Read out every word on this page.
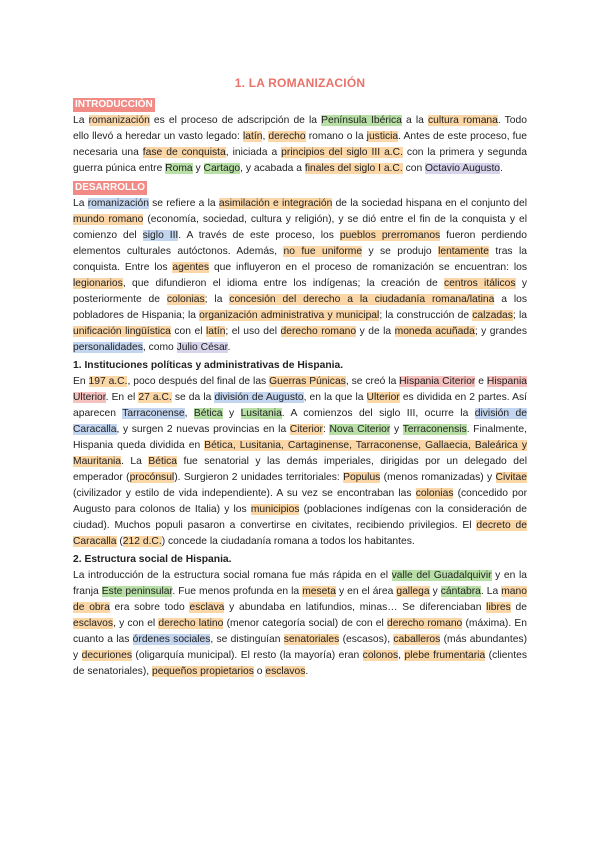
1. LA ROMANIZACIÓN
INTRODUCCIÓN

La romanización es el proceso de adscripción de la Península Ibérica a la cultura romana. Todo ello llevó a heredar un vasto legado: latín, derecho romano o la justicia. Antes de este proceso, fue necesaria una fase de conquista, iniciada a principios del siglo III a.C. con la primera y segunda guerra púnica entre Roma y Cartago, y acabada a finales del siglo I a.C. con Octavio Augusto.

DESARROLLO

La romanización se refiere a la asimilación e integración de la sociedad hispana en el conjunto del mundo romano (economía, sociedad, cultura y religión), y se dió entre el fin de la conquista y el comienzo del siglo III. A través de este proceso, los pueblos prerromanos fueron perdiendo elementos culturales autóctonos. Además, no fue uniforme y se produjo lentamente tras la conquista. Entre los agentes que influyeron en el proceso de romanización se encuentran: los legionarios, que difundieron el idioma entre los indígenas; la creación de centros itálicos y posteriormente de colonias; la concesión del derecho a la ciudadanía romana/latina a los pobladores de Hispania; la organización administrativa y municipal; la construcción de calzadas; la unificación lingüística con el latín; el uso del derecho romano y de la moneda acuñada; y grandes personalidades, como Julio César.

1. Instituciones políticas y administrativas de Hispania.

En 197 a.C., poco después del final de las Guerras Púnicas, se creó la Hispania Citerior e Hispania Ulterior. En el 27 a.C. se da la división de Augusto, en la que la Ulterior es dividida en 2 partes. Así aparecen Tarraconense, Bética y Lusitania. A comienzos del siglo III, ocurre la división de Caracalla, y surgen 2 nuevas provincias en la Citerior: Nova Citerior y Terraconensis. Finalmente, Hispania queda dividida en Bética, Lusitania, Cartaginense, Tarraconense, Gallaecia, Baleárica y Mauritania. La Bética fue senatorial y las demás imperiales, dirigidas por un delegado del emperador (procónsul). Surgieron 2 unidades territoriales: Populus (menos romanizadas) y Civitae (civilizador y estilo de vida independiente). A su vez se encontraban las colonias (concedido por Augusto para colonos de Italia) y los municipios (poblaciones indígenas con la consideración de ciudad). Muchos populi pasaron a convertirse en civitates, recibiendo privilegios. El decreto de Caracalla (212 d.C.) concede la ciudadanía romana a todos los habitantes.

2. Estructura social de Hispania.

La introducción de la estructura social romana fue más rápida en el valle del Guadalquivir y en la franja Este peninsular. Fue menos profunda en la meseta y en el área gallega y cántabra. La mano de obra era sobre todo esclava y abundaba en latifundios, minas… Se diferenciaban libres de esclavos, y con el derecho latino (menor categoría social) de con el derecho romano (máxima). En cuanto a las órdenes sociales, se distinguían senatoriales (escasos), caballeros (más abundantes) y decuriones (oligarquía municipal). El resto (la mayoría) eran colonos, plebe frumentaria (clientes de senatoriales), pequeños propietarios o esclavos.
